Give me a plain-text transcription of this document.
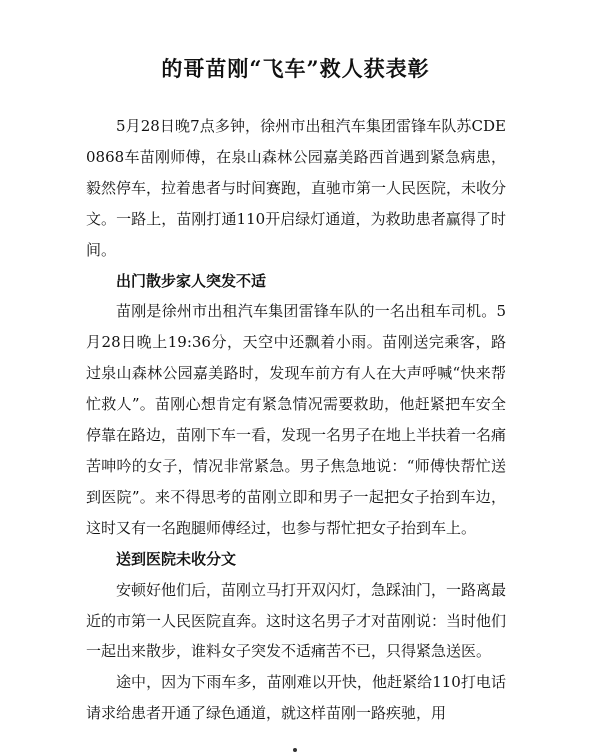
的哥苗刚“飞车”救人获表彰

5月28日晚7点多钟，徐州市出租汽车集团雷锋车队苏CDE0868车苗刚师傅，在泉山森林公园嘉美路西首遇到紧急病患，毅然停车，拉着患者与时间赛跑，直驰市第一人民医院，未收分文。一路上，苗刚打通110开启绿灯通道，为救助患者赢得了时间。

出门散步家人突发不适

苗刚是徐州市出租汽车集团雷锋车队的一名出租车司机。5月28日晚上19:36分，天空中还飘着小雨。苗刚送完乘客，路过泉山森林公园嘉美路时，发现车前方有人在大声呼喊“快来帮忙救人”。苗刚心想肯定有紧急情况需要救助，他赶紧把车安全停靠在路边，苗刚下车一看，发现一名男子在地上半扶着一名痛苦呻吟的女子，情况非常紧急。男子焦急地说：“师傅快帮忙送到医院”。来不得思考的苗刚立即和男子一起把女子抬到车边，这时又有一名跑腿师傅经过，也参与帮忙把女子抬到车上。

送到医院未收分文

安顿好他们后，苗刚立马打开双闪灯，急踩油门，一路离最近的市第一人民医院直奔。这时这名男子才对苗刚说：当时他们一起出来散步，谁料女子突发不适痛苦不已，只得紧急送医。

途中，因为下雨车多，苗刚难以开快，他赶紧给110打电话请求给患者开通了绿色通道，就这样苗刚一路疾驰，用
